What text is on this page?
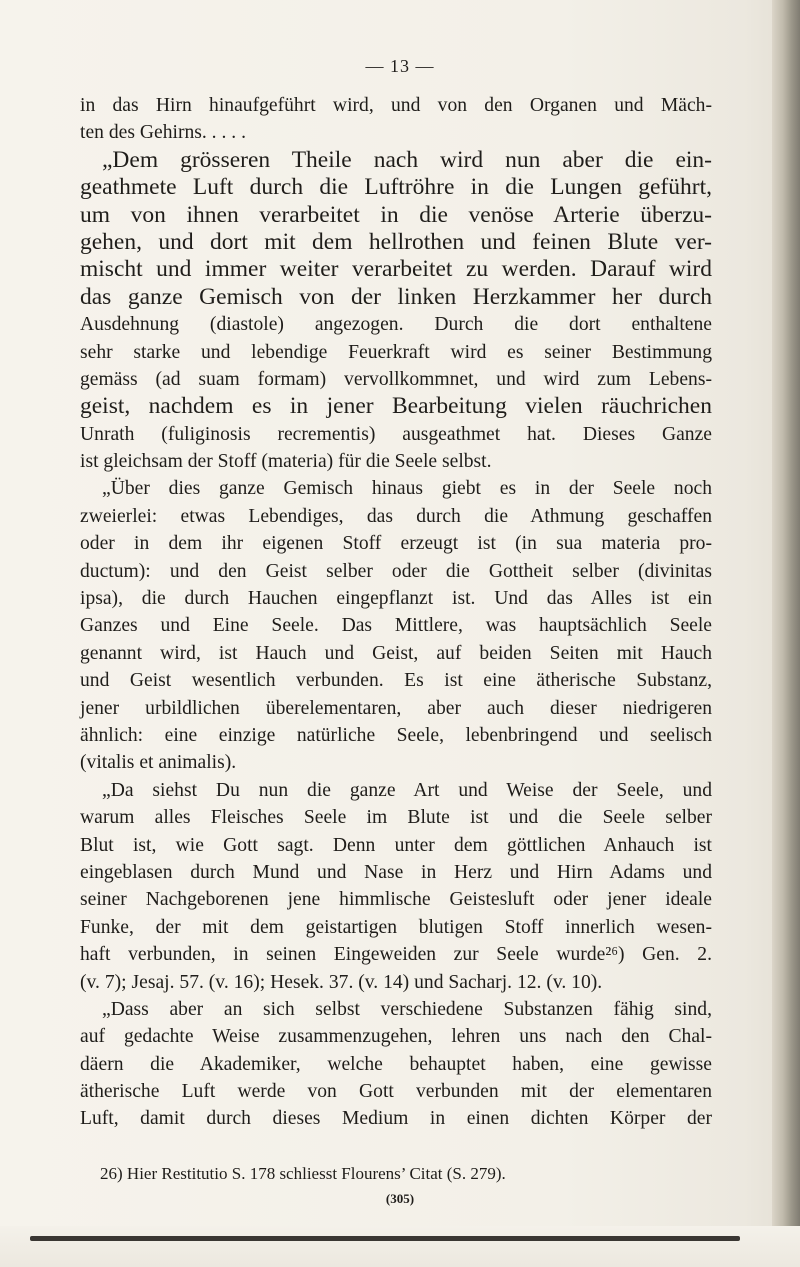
— 13 —
in das Hirn hinaufgeführt wird, und von den Organen und Mäch-
ten des Gehirns. . . . .
„Dem grösseren Theile nach wird nun aber die ein-
geathmete Luft durch die Luftröhre in die Lungen geführt,
um von ihnen verarbeitet in die venöse Arterie überzu-
gehen, und dort mit dem hellrothen und feinen Blute ver-
mischt und immer weiter verarbeitet zu werden. Darauf wird
das ganze Gemisch von der linken Herzkammer her durch
Ausdehnung (diastole) angezogen. Durch die dort enthaltene
sehr starke und lebendige Feuerkraft wird es seiner Bestimmung
gemäss (ad suam formam) vervollkommnet, und wird zum Lebens-
geist, nachdem es in jener Bearbeitung vielen räuchrichen
Unrath (fuliginosis recrementis) ausgeathmet hat. Dieses Ganze
ist gleichsam der Stoff (materia) für die Seele selbst.
„Über dies ganze Gemisch hinaus giebt es in der Seele noch
zweierlei: etwas Lebendiges, das durch die Athmung geschaffen
oder in dem ihr eigenen Stoff erzeugt ist (in sua materia pro-
ductum): und den Geist selber oder die Gottheit selber (divinitas
ipsa), die durch Hauchen eingepflanzt ist. Und das Alles ist ein
Ganzes und Eine Seele. Das Mittlere, was hauptsächlich Seele
genannt wird, ist Hauch und Geist, auf beiden Seiten mit Hauch
und Geist wesentlich verbunden. Es ist eine ätherische Substanz,
jener urbildlichen überelementaren, aber auch dieser niedrigeren
ähnlich: eine einzige natürliche Seele, lebenbringend und seelisch
(vitalis et animalis).
„Da siehst Du nun die ganze Art und Weise der Seele, und
warum alles Fleisches Seele im Blute ist und die Seele selber
Blut ist, wie Gott sagt. Denn unter dem göttlichen Anhauch ist
eingeblasen durch Mund und Nase in Herz und Hirn Adams und
seiner Nachgeborenen jene himmlische Geistesluft oder jener ideale
Funke, der mit dem geistartigen blutigen Stoff innerlich wesen-
haft verbunden, in seinen Eingeweiden zur Seele wurde²⁶) Gen. 2.
(v. 7); Jesaj. 57. (v. 16); Hesek. 37. (v. 14) und Sacharj. 12. (v. 10).
„Dass aber an sich selbst verschiedene Substanzen fähig sind,
auf gedachte Weise zusammenzugehen, lehren uns nach den Chal-
däern die Akademiker, welche behauptet haben, eine gewisse
ätherische Luft werde von Gott verbunden mit der elementaren
Luft, damit durch dieses Medium in einen dichten Körper der
26) Hier Restitutio S. 178 schliesst Flourens’ Citat (S. 279).
(305)
